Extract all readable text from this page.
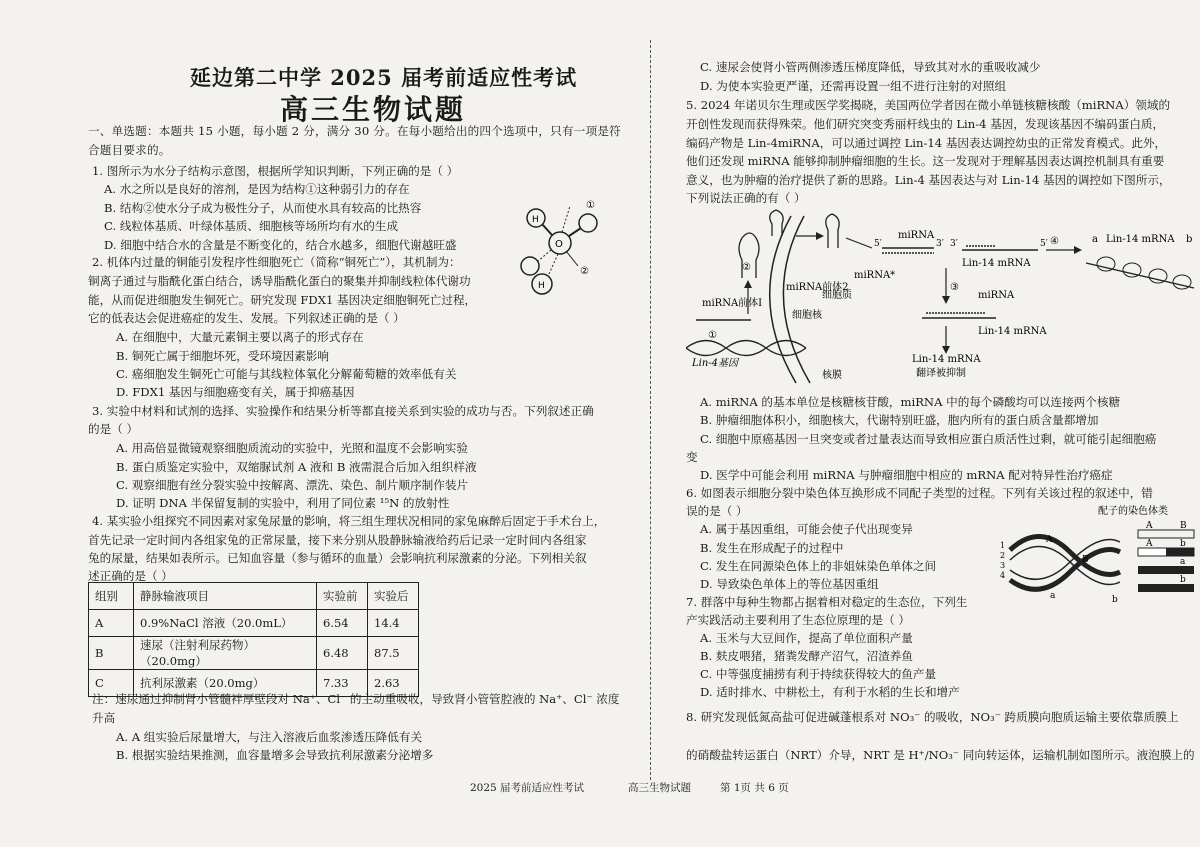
延边第二中学 2025 届考前适应性考试
高三生物试题
一、单选题：本题共 15 小题，每小题 2 分，满分 30 分。在每小题给出的四个选项中，只有一项是符
合题目要求的。
1. 图所示为水分子结构示意图，根据所学知识判断，下列正确的是（ ）
A. 水之所以是良好的溶剂，是因为结构①这种弱引力的存在
B. 结构②使水分子成为极性分子，从而使水具有较高的比热容
C. 线粒体基质、叶绿体基质、细胞核等场所均有水的生成
D. 细胞中结合水的含量是不断变化的，结合水越多，细胞代谢越旺盛	O
H
H
①
②
2. 机体内过量的铜能引发程序性细胞死亡（简称“铜死亡”），其机制为：
铜离子通过与脂酰化蛋白结合，诱导脂酰化蛋白的聚集并抑制线粒体代谢功
能，从而促进细胞发生铜死亡。研究发现 FDX1 基因决定细胞铜死亡过程，
它的低表达会促进癌症的发生、发展。下列叙述正确的是（ ）
A. 在细胞中，大量元素铜主要以离子的形式存在
B. 铜死亡属于细胞坏死，受环境因素影响
C. 癌细胞发生铜死亡可能与其线粒体氧化分解葡萄糖的效率低有关
D. FDX1 基因与细胞癌变有关，属于抑癌基因
3. 实验中材料和试剂的选择、实验操作和结果分析等都直接关系到实验的成功与否。下列叙述正确
的是（ ）
A. 用高倍显微镜观察细胞质流动的实验中，光照和温度不会影响实验
B. 蛋白质鉴定实验中，双缩脲试剂 A 液和 B 液需混合后加入组织样液
C. 观察细胞有丝分裂实验中按解离、漂洗、染色、制片顺序制作装片
D. 证明 DNA 半保留复制的实验中，利用了同位素 ¹⁵N 的放射性
4. 某实验小组探究不同因素对家兔尿量的影响，将三组生理状况相同的家兔麻醉后固定于手术台上，
首先记录一定时间内各组家兔的正常尿量，接下来分别从股静脉输液给药后记录一定时间内各组家
兔的尿量，结果如表所示。已知血容量（参与循环的血量）会影响抗利尿激素的分泌。下列相关叙
述正确的是（ ）
组别	静脉输液项目	实验前	实验后
A	0.9%NaCl 溶液（20.0mL）	6.54	14.4
B	速尿（注射利尿药物）（20.0mg）	6.48	87.5
C	抗利尿激素（20.0mg）	7.33	2.63
注：速尿通过抑制肾小管髓袢厚壁段对 Na⁺、Cl⁻ 的主动重吸收，导致肾小管管腔液的 Na⁺、Cl⁻ 浓度
升高
A. A 组实验后尿量增大，与注入溶液后血浆渗透压降低有关
B. 根据实验结果推测，血容量增多会导致抗利尿激素分泌增多
C. 速尿会使肾小管两侧渗透压梯度降低，导致其对水的重吸收减少
D. 为使本实验更严谨，还需再设置一组不进行注射的对照组
5. 2024 年诺贝尔生理或医学奖揭晓，美国两位学者因在微小单链核糖核酸（miRNA）领域的
开创性发现而获得殊荣。他们研究突变秀丽杆线虫的 Lin-4 基因，发现该基因不编码蛋白质，
编码产物是 Lin-4miRNA，可以通过调控 Lin-14 基因表达调控幼虫的正常发育模式。此外，
他们还发现 miRNA 能够抑制肿瘤细胞的生长。这一发现对于理解基因表达调控机制具有重要
意义，也为肿瘤的治疗提供了新的思路。Lin-4 基因表达与对 Lin-14 基因的调控如下图所示，
下列说法正确的有（ ）
miRNA前体2
miRNA前体I
细胞质
细胞核
Lin-4基因
核膜
miRNA
miRNA*
Lin-14 mRNA
miRNA
Lin-14 mRNA
Lin-14 mRNA
翻译被抑制
Lin-14 mRNA
a	b
①
②
③
④
5′	3′ 3′	5′
A. miRNA 的基本单位是核糖核苷酸，miRNA 中的每个磷酸均可以连接两个核糖
B. 肿瘤细胞体积小，细胞核大，代谢特别旺盛，胞内所有的蛋白质含量都增加
C. 细胞中原癌基因一旦突变或者过量表达而导致相应蛋白质活性过剩，就可能引起细胞癌
变
D. 医学中可能会利用 miRNA 与肿瘤细胞中相应的 mRNA 配对特异性治疗癌症
6. 如图表示细胞分裂中染色体互换形成不同配子类型的过程。下列有关该过程的叙述中，错
误的是（ ）
A. 属于基因重组，可能会使子代出现变异
B. 发生在形成配子的过程中
C. 发生在同源染色体上的非姐妹染色单体之间
D. 导致染色单体上的等位基因重组
配子的染色体类
A
B
a	b
1
2
3
4
A	B
A	b
a
b
7. 群落中每种生物都占据着相对稳定的生态位，下列生
产实践活动主要利用了生态位原理的是（ ）
A. 玉米与大豆间作，提高了单位面积产量
B. 麸皮喂猪，猪粪发酵产沼气，沼渣养鱼
C. 中等强度捕捞有利于持续获得较大的鱼产量
D. 适时排水、中耕松土，有利于水稻的生长和增产
8. 研究发现低氮高盐可促进碱蓬根系对 NO₃⁻ 的吸收，NO₃⁻ 跨质膜向胞质运输主要依靠质膜上
的硝酸盐转运蛋白（NRT）介导，NRT 是 H⁺/NO₃⁻ 同向转运体，运输机制如图所示。液泡膜上的
2025 届考前适应性考试	高三生物试题	第 1页 共 6 页
